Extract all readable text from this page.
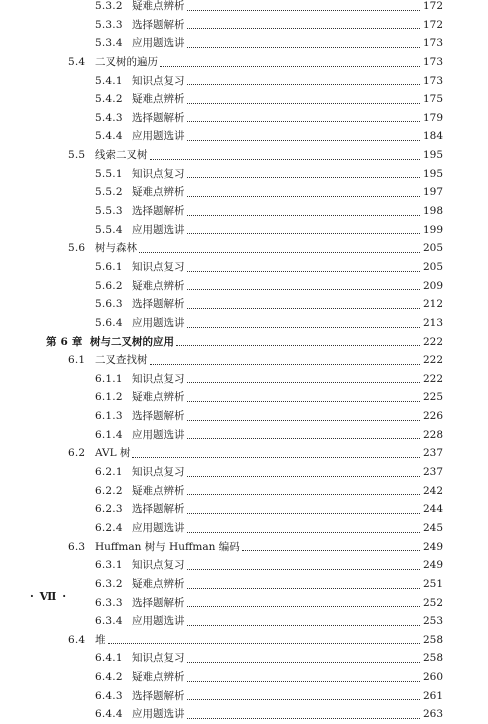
5.3.2 疑难点辨析	172
5.3.3 选择题解析	172
5.3.4 应用题选讲	173
5.4 二叉树的遍历	173
5.4.1 知识点复习	173
5.4.2 疑难点辨析	175
5.4.3 选择题解析	179
5.4.4 应用题选讲	184
5.5 线索二叉树	195
5.5.1 知识点复习	195
5.5.2 疑难点辨析	197
5.5.3 选择题解析	198
5.5.4 应用题选讲	199
5.6 树与森林	205
5.6.1 知识点复习	205
5.6.2 疑难点辨析	209
5.6.3 选择题解析	212
5.6.4 应用题选讲	213
第 6 章 树与二叉树的应用	222
6.1 二叉查找树	222
6.1.1 知识点复习	222
6.1.2 疑难点辨析	225
6.1.3 选择题解析	226
6.1.4 应用题选讲	228
6.2 AVL 树	237
6.2.1 知识点复习	237
6.2.2 疑难点辨析	242
6.2.3 选择题解析	244
6.2.4 应用题选讲	245
6.3 Huffman 树与 Huffman 编码	249
6.3.1 知识点复习	249
6.3.2 疑难点辨析	251
6.3.3 选择题解析	252
6.3.4 应用题选讲	253
6.4 堆	258
6.4.1 知识点复习	258
6.4.2 疑难点辨析	260
6.4.3 选择题解析	261
6.4.4 应用题选讲	263
· Ⅶ ·
